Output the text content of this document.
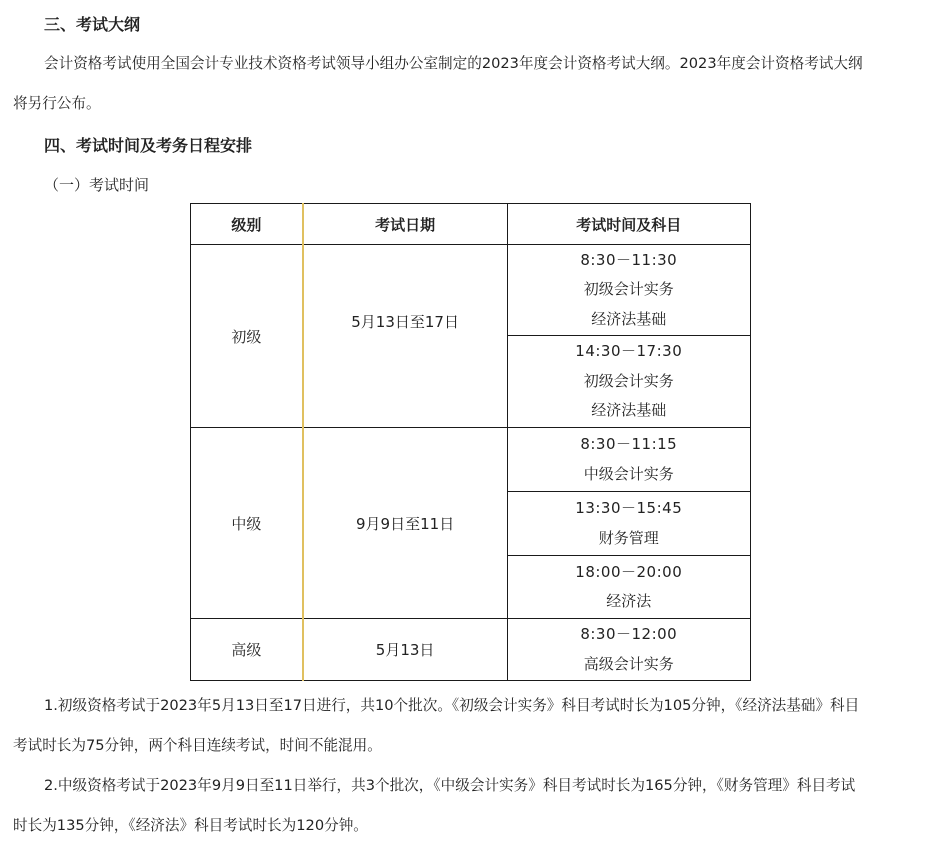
三、考试大纲
会计资格考试使用全国会计专业技术资格考试领导小组办公室制定的2023年度会计资格考试大纲。2023年度会计资格考试大纲
将另行公布。
四、考试时间及考务日程安排
（一）考试时间
级别	考试日期	考试时间及科目
初级	5月13日至17日	8:30－11:30
初级会计实务
经济法基础

		14:30－17:30
初级会计实务
经济法基础

中级	9月9日至11日	8:30－11:15
中级会计实务

		13:30－15:45
财务管理

		18:00－20:00
经济法

高级	5月13日	8:30－12:00
高级会计实务
1.初级资格考试于2023年5月13日至17日进行，共10个批次。《初级会计实务》科目考试时长为105分钟，《经济法基础》科目
考试时长为75分钟，两个科目连续考试，时间不能混用。
2.中级资格考试于2023年9月9日至11日举行，共3个批次，《中级会计实务》科目考试时长为165分钟，《财务管理》科目考试
时长为135分钟，《经济法》科目考试时长为120分钟。
